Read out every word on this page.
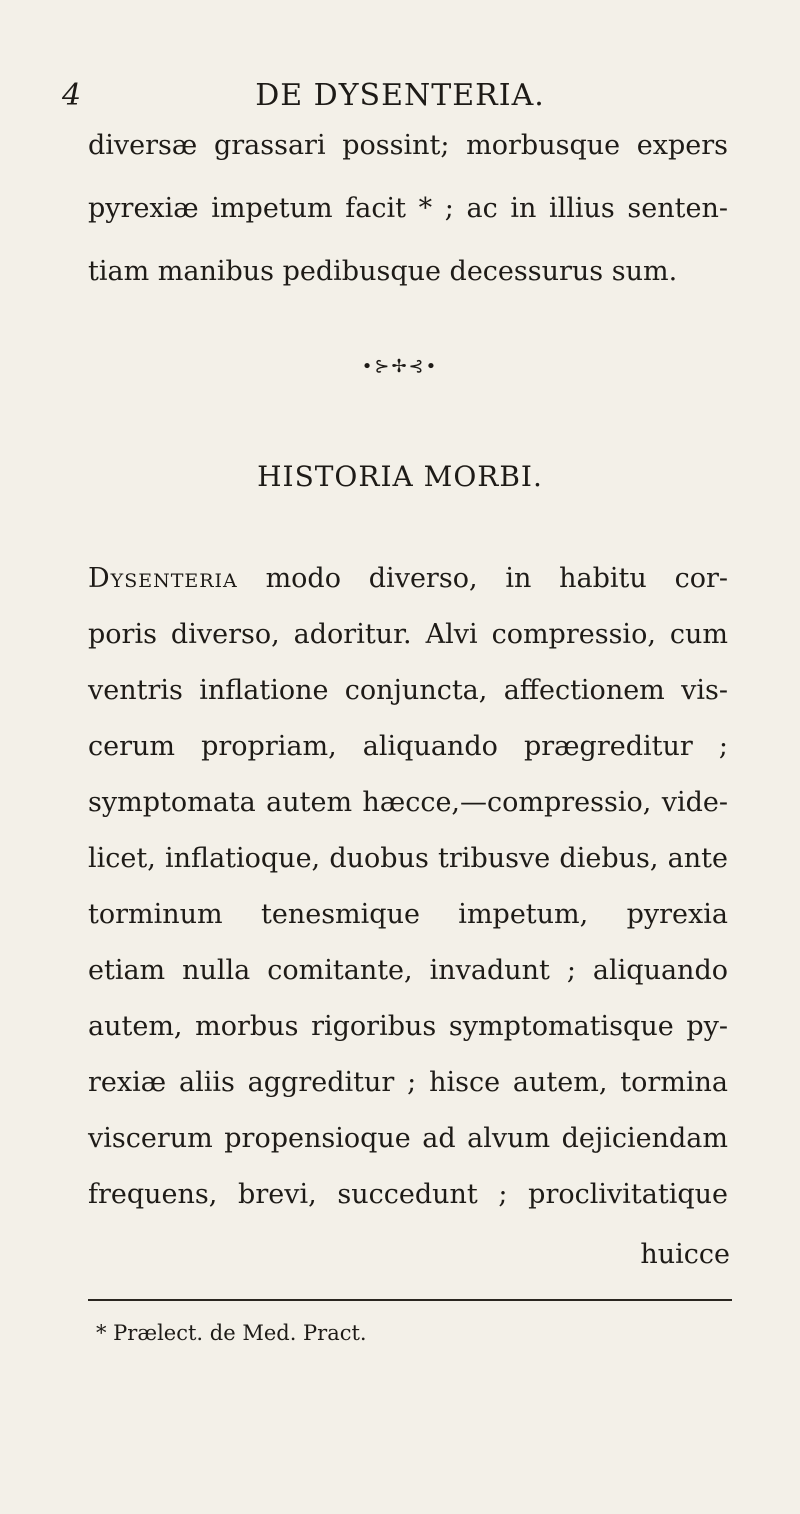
4	DE DYSENTERIA.
diversæ grassari possint; morbusque expers
pyrexiæ impetum facit * ; ac in illius senten-
tiam manibus pedibusque decessurus sum.
•⊱✢⊰•
HISTORIA MORBI.
Dysenteria modo diverso, in habitu cor-
poris diverso, adoritur. Alvi compressio, cum
ventris inflatione conjuncta, affectionem vis-
cerum propriam, aliquando prægreditur ;
symptomata autem hæcce,—compressio, vide-
licet, inflatioque, duobus tribusve diebus, ante
torminum tenesmique impetum, pyrexia
etiam nulla comitante, invadunt ; aliquando
autem, morbus rigoribus symptomatisque py-
rexiæ aliis aggreditur ; hisce autem, tormina
viscerum propensioque ad alvum dejiciendam
frequens, brevi, succedunt ; proclivitatique
huicce
* Prælect. de Med. Pract.
